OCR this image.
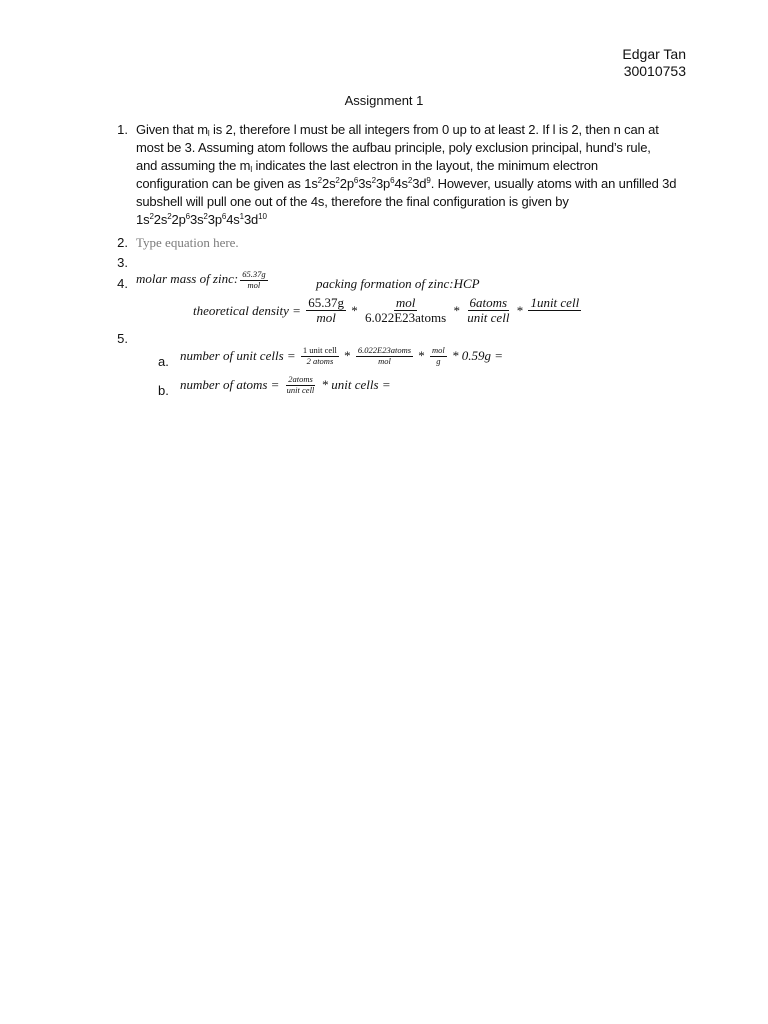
Edgar Tan
30010753
Assignment 1
1. Given that $m_l$ is 2, therefore l must be all integers from 0 up to at least 2. If l is 2, then n can at
most be 3. Assuming atom follows the aufbau principle, poly exclusion principal, hund’s rule,
and assuming the $m_l$ indicates the last electron in the layout, the minimum electron
configuration can be given as $1s^22s^22p^63s^23p^64s^23d^9$. However, usually atoms with an unfilled 3d
subshell will pull one out of the 4s, therefore the final configuration is given by
$1s^22s^22p^63s^23p^64s^13d^{10}$
2. Type equation here.
3.
4. molar mass of zinc: $\frac{65.37g}{\text{mol}}$	packing formation of zinc:HCP
theoretical density = $\frac{65.37g}{\text{mol}} * \frac{\text{mol}}{\text{6.022E23atoms}} * \frac{\text{6atoms}}{\text{unit cell}}$ *
1unit cell

5.
a. number of unit cells = $\frac{\text{1 unit cell}}{\text{2 atoms}} * \frac{\text{6.022E23atoms}}{\text{mol}} * \frac{\text{mol}}{g} * 0.59g$ =
b. number of atoms = $\frac{\text{2atoms}}{\text{unit cell}}$ * unit cells =
